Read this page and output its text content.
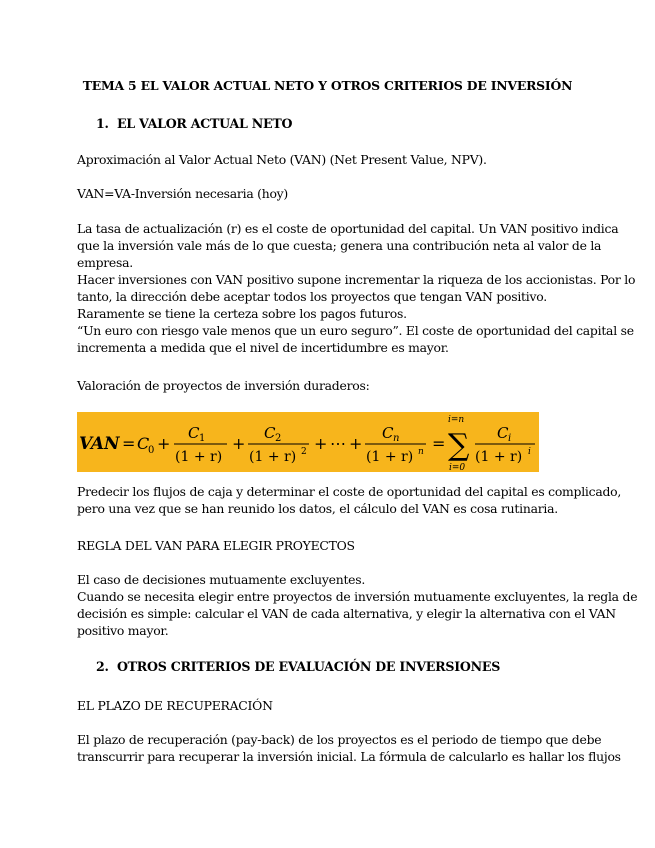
TEMA 5 EL VALOR ACTUAL NETO Y OTROS CRITERIOS DE INVERSIÓN
1. EL VALOR ACTUAL NETO
Aproximación al Valor Actual Neto (VAN) (Net Present Value, NPV).
VAN=VA-Inversión necesaria (hoy)
La tasa de actualización (r) es el coste de oportunidad del capital. Un VAN positivo indica
que la inversión vale más de lo que cuesta; genera una contribución neta al valor de la
empresa.
Hacer inversiones con VAN positivo supone incrementar la riqueza de los accionistas. Por lo
tanto, la dirección debe aceptar todos los proyectos que tengan VAN positivo.
Raramente se tiene la certeza sobre los pagos futuros.
“Un euro con riesgo vale menos que un euro seguro”. El coste de oportunidad del capital se
incrementa a medida que el nivel de incertidumbre es mayor.
Valoración de proyectos de inversión duraderos:
VAN = C
0 +
C 1
(1 + r)
+
C 2
(1 + r) 2 + ⋯ +
C n
(1 + r) n =
i=n
∑
i=0
C i
(1 + r) i
Predecir los flujos de caja y determinar el coste de oportunidad del capital es complicado,
pero una vez que se han reunido los datos, el cálculo del VAN es cosa rutinaria.
REGLA DEL VAN PARA ELEGIR PROYECTOS
El caso de decisiones mutuamente excluyentes.
Cuando se necesita elegir entre proyectos de inversión mutuamente excluyentes, la regla de
decisión es simple: calcular el VAN de cada alternativa, y elegir la alternativa con el VAN
positivo mayor.
2. OTROS CRITERIOS DE EVALUACIÓN DE INVERSIONES
EL PLAZO DE RECUPERACIÓN
El plazo de recuperación (pay-back) de los proyectos es el periodo de tiempo que debe
transcurrir para recuperar la inversión inicial. La fórmula de calcularlo es hallar los flujos
